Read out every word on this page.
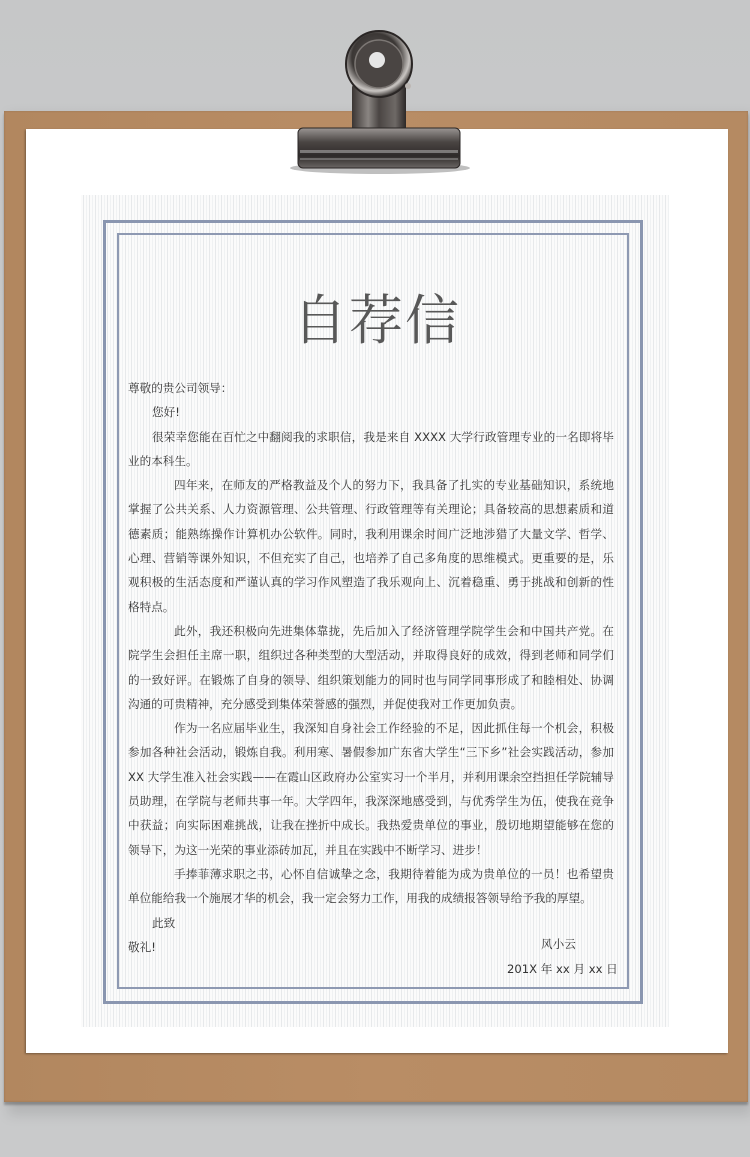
自荐信

尊敬的贵公司领导：

您好!

很荣幸您能在百忙之中翻阅我的求职信，我是来自 XXXX 大学行政管理专业的一名即将毕业的本科生。

四年来，在师友的严格教益及个人的努力下，我具备了扎实的专业基础知识，系统地掌握了公共关系、人力资源管理、公共管理、行政管理等有关理论；具备较高的思想素质和道德素质；能熟练操作计算机办公软件。同时，我利用课余时间广泛地涉猎了大量文学、哲学、心理、营销等课外知识，不但充实了自己，也培养了自己多角度的思维模式。更重要的是，乐观积极的生活态度和严谨认真的学习作风塑造了我乐观向上、沉着稳重、勇于挑战和创新的性格特点。

此外，我还积极向先进集体靠拢，先后加入了经济管理学院学生会和中国共产党。在院学生会担任主席一职，组织过各种类型的大型活动，并取得良好的成效，得到老师和同学们的一致好评。在锻炼了自身的领导、组织策划能力的同时也与同学同事形成了和睦相处、协调沟通的可贵精神，充分感受到集体荣誉感的强烈，并促使我对工作更加负责。

作为一名应届毕业生，我深知自身社会工作经验的不足，因此抓住每一个机会，积极参加各种社会活动，锻炼自我。利用寒、暑假参加广东省大学生“三下乡”社会实践活动，参加 XX 大学生准入社会实践——在霞山区政府办公室实习一个半月，并利用课余空挡担任学院辅导员助理，在学院与老师共事一年。大学四年，我深深地感受到，与优秀学生为伍，使我在竞争中获益；向实际困难挑战，让我在挫折中成长。我热爱贵单位的事业，殷切地期望能够在您的领导下，为这一光荣的事业添砖加瓦，并且在实践中不断学习、进步！

手捧菲薄求职之书，心怀自信诚挚之念，我期待着能为成为贵单位的一员！也希望贵单位能给我一个施展才华的机会，我一定会努力工作，用我的成绩报答领导给予我的厚望。

此致

敬礼!	风小云
201X 年 xx 月 xx 日
